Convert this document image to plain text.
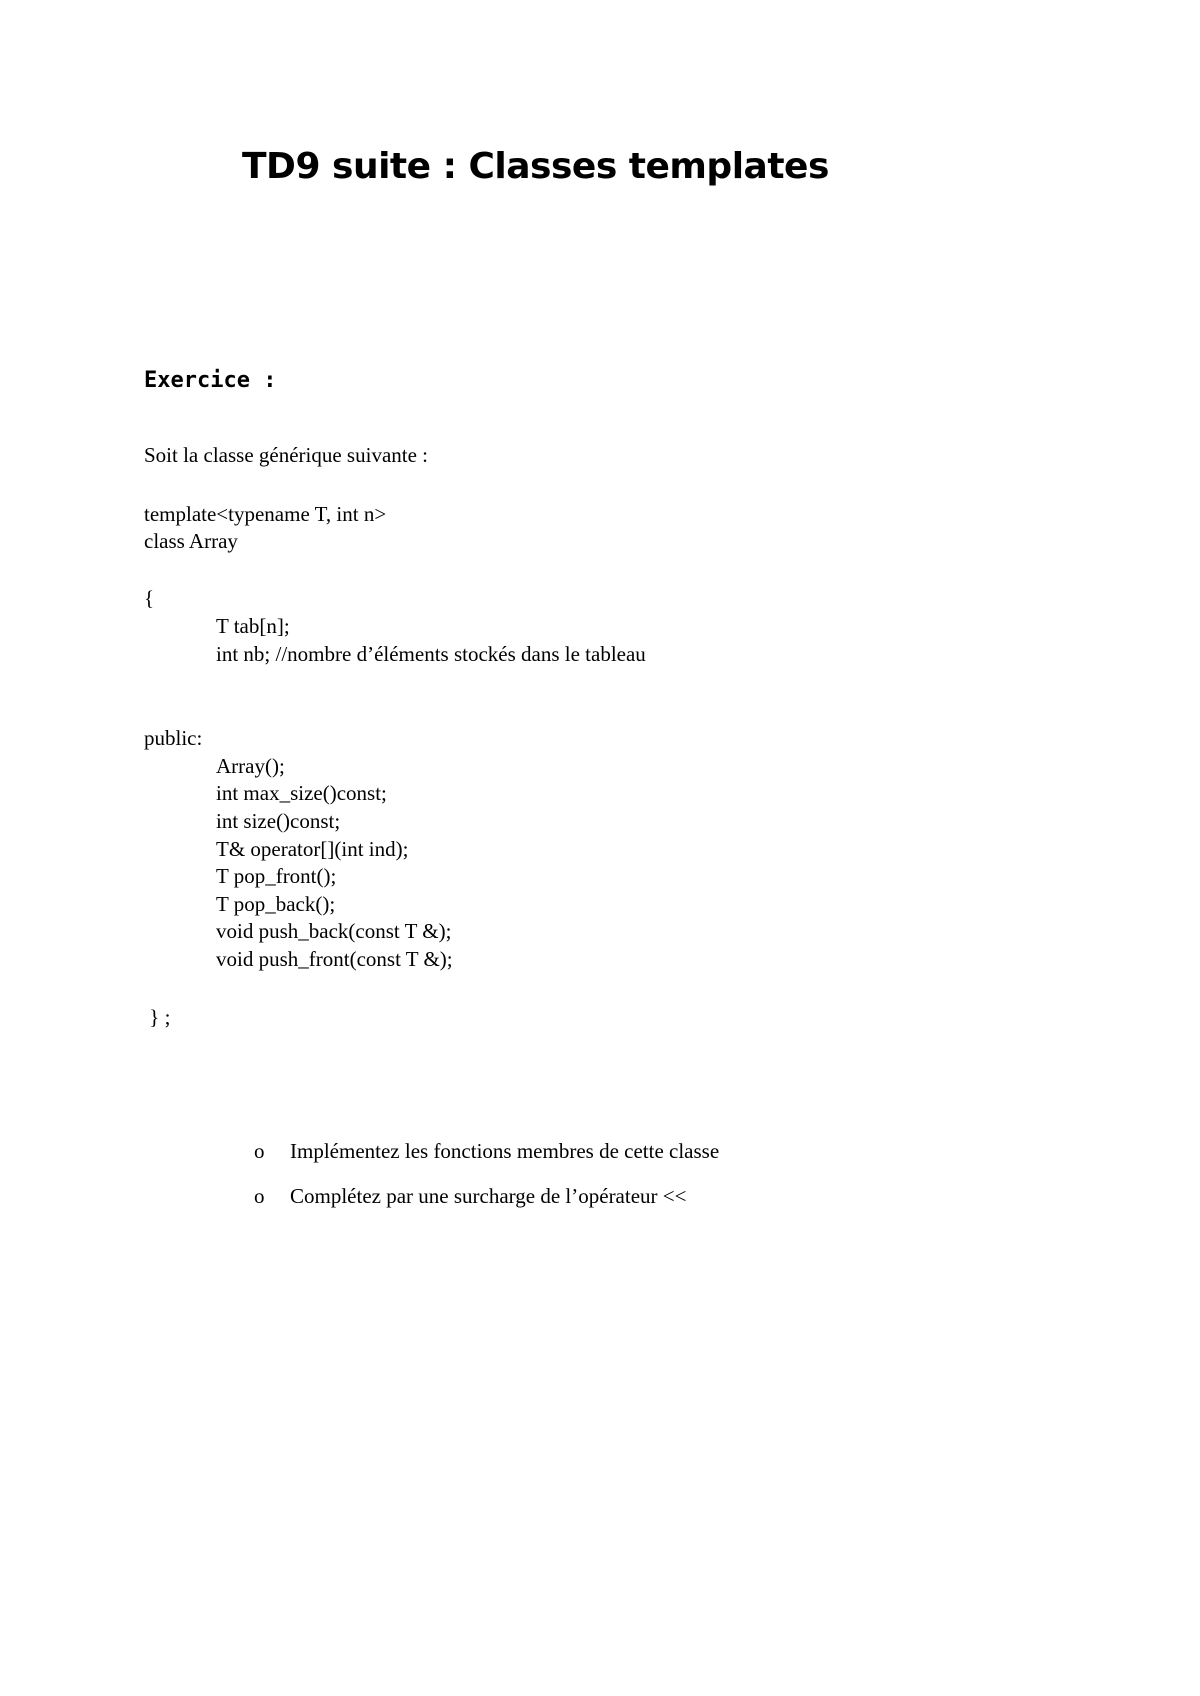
TD9 suite : Classes templates
Exercice :
Soit la classe générique suivante :
template<typename T, int n>
class Array
{
T tab[n];
int nb; //nombre d’éléments stockés dans le tableau
public:
Array();
int max_size()const;
int size()const;
T& operator[](int ind);
T pop_front();
T pop_back();
void push_back(const T &);
void push_front(const T &);
} ;
o	Implémentez les fonctions membres de cette classe
o	Complétez par une surcharge de l’opérateur <<
